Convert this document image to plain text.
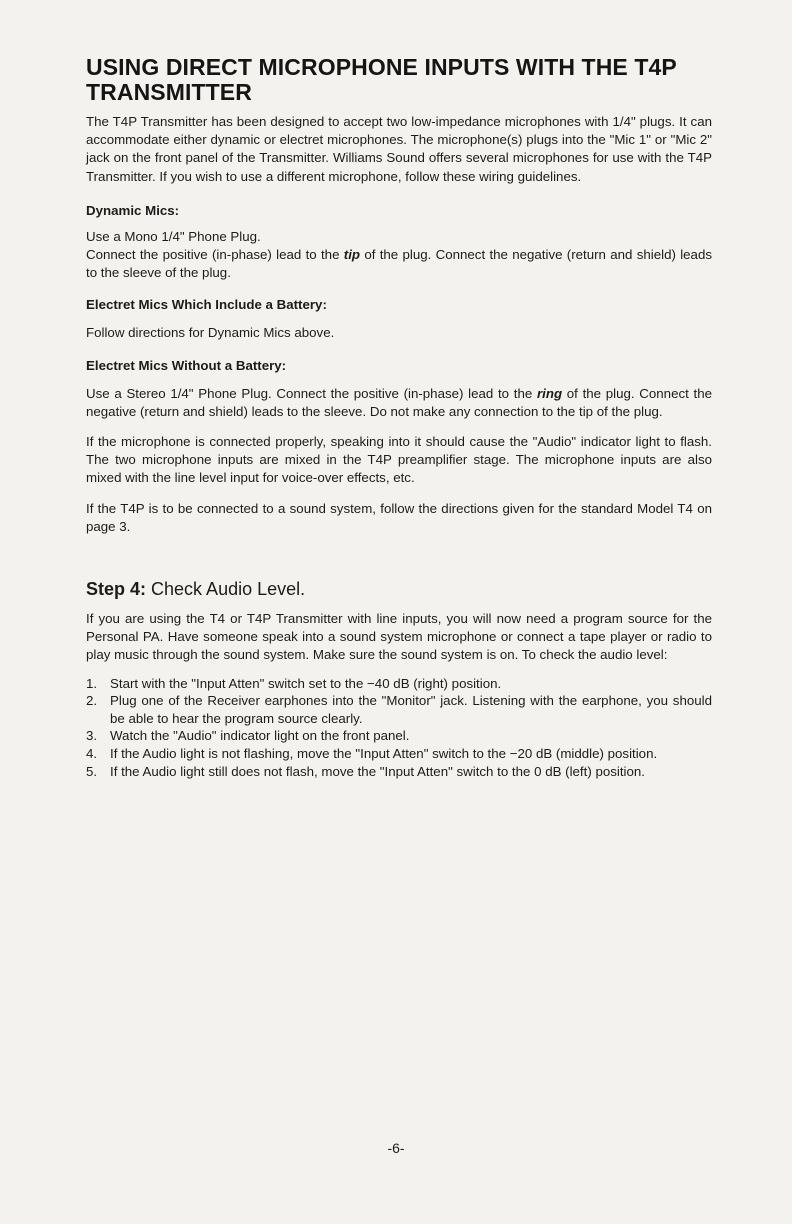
USING DIRECT MICROPHONE INPUTS WITH THE T4P TRANSMITTER

The T4P Transmitter has been designed to accept two low-impedance microphones with 1/4" plugs. It can accommodate either dynamic or electret microphones. The microphone(s) plugs into the "Mic 1" or "Mic 2" jack on the front panel of the Transmitter. Williams Sound offers several microphones for use with the T4P Transmitter. If you wish to use a different microphone, follow these wiring guidelines.

Dynamic Mics:

Use a Mono 1/4" Phone Plug.

Connect the positive (in-phase) lead to the tip of the plug. Connect the negative (return and shield) leads to the sleeve of the plug.

Electret Mics Which Include a Battery:

Follow directions for Dynamic Mics above.

Electret Mics Without a Battery:

Use a Stereo 1/4" Phone Plug. Connect the positive (in-phase) lead to the ring of the plug. Connect the negative (return and shield) leads to the sleeve. Do not make any connection to the tip of the plug.

If the microphone is connected properly, speaking into it should cause the "Audio" indicator light to flash. The two microphone inputs are mixed in the T4P preamplifier stage. The microphone inputs are also mixed with the line level input for voice-over effects, etc.

If the T4P is to be connected to a sound system, follow the directions given for the standard Model T4 on page 3.

Step 4: Check Audio Level.

If you are using the T4 or T4P Transmitter with line inputs, you will now need a program source for the Personal PA. Have someone speak into a sound system microphone or connect a tape player or radio to play music through the sound system. Make sure the sound system is on. To check the audio level:

1. Start with the "Input Atten" switch set to the −40 dB (right) position.
2. Plug one of the Receiver earphones into the "Monitor" jack. Listening with the earphone, you should be able to hear the program source clearly.
3. Watch the "Audio" indicator light on the front panel.
4. If the Audio light is not flashing, move the "Input Atten" switch to the −20 dB (middle) position.
5. If the Audio light still does not flash, move the "Input Atten" switch to the 0 dB (left) position.
-6-
